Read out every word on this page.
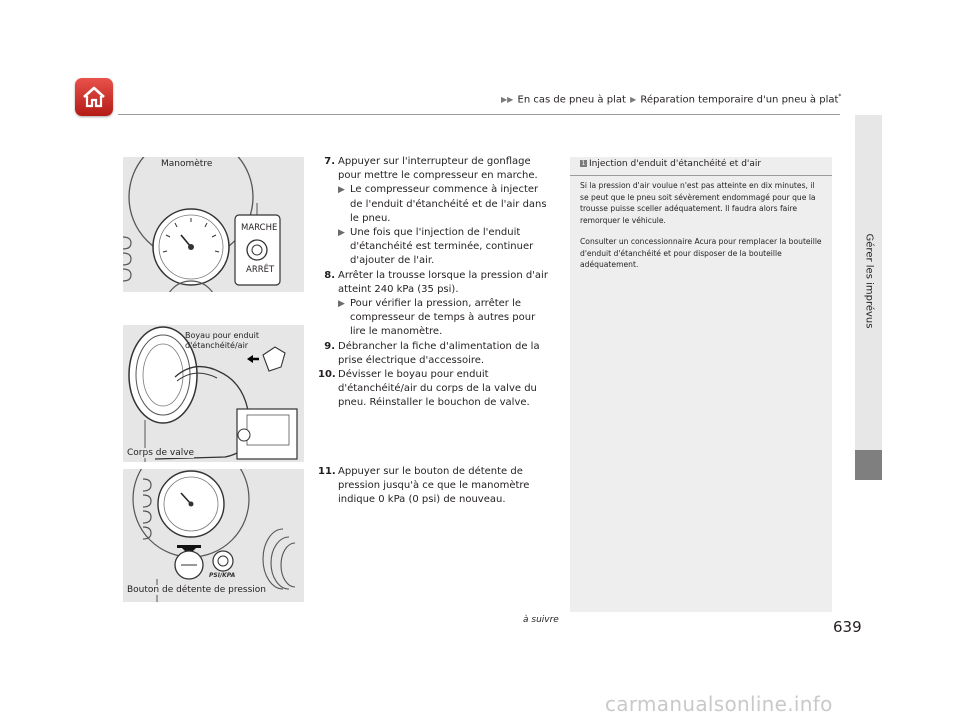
▶▶ En cas de pneu à plat ▶ Réparation temporaire d'un pneu à plat*
Gérer les imprévus
Manomètre
MARCHE
ARRÊT
Boyau pour enduit d'étanchéité/air
Corps de valve
PSI/KPA
Bouton de détente de pression
7. Appuyer sur l'interrupteur de gonflage pour mettre le compresseur en marche.
▶ Le compresseur commence à injecter de l'enduit d'étanchéité et de l'air dans le pneu.
▶ Une fois que l'injection de l'enduit d'étanchéité est terminée, continuer d'ajouter de l'air.
8. Arrêter la trousse lorsque la pression d'air atteint 240 kPa (35 psi).
▶ Pour vérifier la pression, arrêter le compresseur de temps à autres pour lire le manomètre.
9. Débrancher la fiche d'alimentation de la prise électrique d'accessoire.
10. Dévisser le boyau pour enduit d'étanchéité/air du corps de la valve du pneu. Réinstaller le bouchon de valve.
11. Appuyer sur le bouton de détente de pression jusqu'à ce que le manomètre indique 0 kPa (0 psi) de nouveau.
1 Injection d'enduit d'étanchéité et d'air

Si la pression d'air voulue n'est pas atteinte en dix minutes, il se peut que le pneu soit sévèrement endommagé pour que la trousse puisse sceller adéquatement. Il faudra alors faire remorquer le véhicule.

Consulter un concessionnaire Acura pour remplacer la bouteille d'enduit d'étanchéité et pour disposer de la bouteille adéquatement.

à suivre	639
carmanualsonline.info
